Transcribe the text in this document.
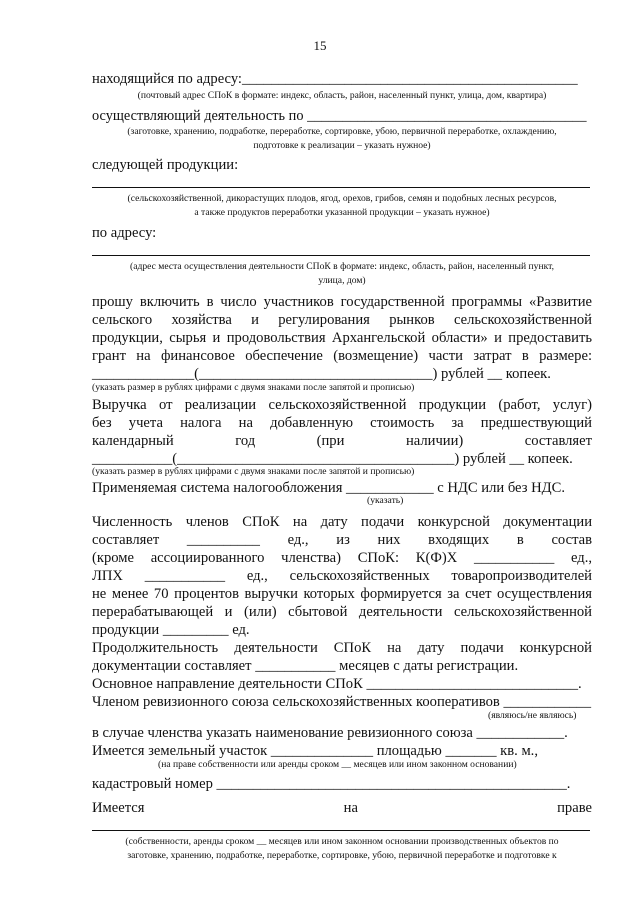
15
находящийся по адресу:______________________________________________
(почтовый адрес СПоК в формате: индекс, область, район, населенный пункт, улица, дом, квартира)
осуществляющий деятельность по _______________________________________
(заготовке, хранению, подработке, переработке, сортировке, убою, первичной переработке, охлаждению,
подготовке к реализации – указать нужное)
следующей продукции:
(сельскохозяйственной, дикорастущих плодов, ягод, орехов, грибов, семян и подобных лесных ресурсов,
а также продуктов переработки указанной продукции – указать нужное)
по адресу:
(адрес места осуществления деятельности СПоК в формате: индекс, область, район, населенный пункт,
улица, дом)
прошу включить в число участников государственной программы «Развитие
сельского хозяйства и регулирования рынков сельскохозяйственной
продукции, сырья и продовольствия Архангельской области» и предоставить
грант на финансовое обеспечение (возмещение) части затрат в размере:
______________(________________________________) рублей __ копеек.
(указать размер в рублях цифрами с двумя знаками после запятой и прописью)
Выручка от реализации сельскохозяйственной продукции (работ, услуг)
без учета налога на добавленную стоимость за предшествующий
календарный год (при наличии) составляет
___________(______________________________________) рублей __ копеек.
(указать размер в рублях цифрами с двумя знаками после запятой и прописью)
Применяемая система налогообложения ____________ с НДС или без НДС.
(указать)
Численность членов СПоК на дату подачи конкурсной документации
составляет __________ ед., из них входящих в состав
(кроме ассоциированного членства) СПоК: К(Ф)Х ___________ ед.,
ЛПХ ___________ ед., сельскохозяйственных товаропроизводителей
не менее 70 процентов выручки которых формируется за счет осуществления
перерабатывающей и (или) сбытовой деятельности сельскохозяйственной
продукции _________ ед.
Продолжительность деятельности СПоК на дату подачи конкурсной
документации составляет ___________ месяцев с даты регистрации.
Основное направление деятельности СПоК _____________________________.
Членом ревизионного союза сельскохозяйственных кооперативов ____________
(являюсь/не являюсь)
в случае членства указать наименование ревизионного союза ____________.
Имеется земельный участок ______________ площадью _______ кв. м.,
(на праве собственности или аренды сроком __ месяцев или ином законном основании)
кадастровый номер ________________________________________________.
Имеется на праве
(собственности, аренды сроком __ месяцев или ином законном основании производственных объектов по
заготовке, хранению, подработке, переработке, сортировке, убою, первичной переработке и подготовке к
